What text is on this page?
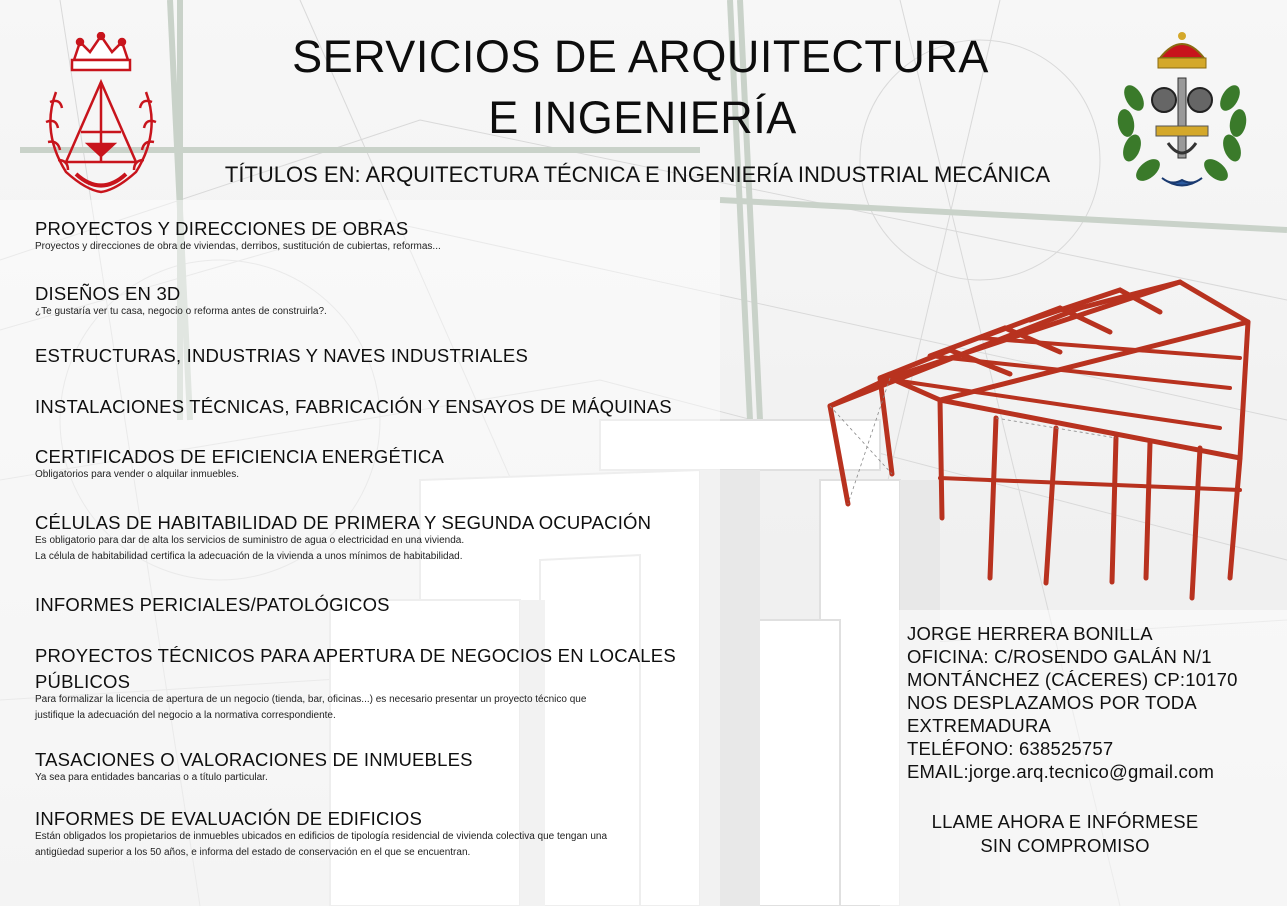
SERVICIOS DE ARQUITECTURA
E INGENIERÍA
TÍTULOS EN: ARQUITECTURA TÉCNICA E INGENIERÍA INDUSTRIAL MECÁNICA
PROYECTOS Y DIRECCIONES DE OBRAS

Proyectos y direcciones de obra de viviendas, derribos, sustitución de cubiertas, reformas...

DISEÑOS EN 3D

¿Te gustaría ver tu casa, negocio o reforma antes de construirla?.

ESTRUCTURAS, INDUSTRIAS Y NAVES INDUSTRIALES
INSTALACIONES TÉCNICAS, FABRICACIÓN Y ENSAYOS DE MÁQUINAS
CERTIFICADOS DE EFICIENCIA ENERGÉTICA

Obligatorios para vender o alquilar inmuebles.

CÉLULAS DE HABITABILIDAD DE PRIMERA Y SEGUNDA OCUPACIÓN

Es obligatorio para dar de alta los servicios de suministro de agua o electricidad en una vivienda.

La célula de habitabilidad certifica la adecuación de la vivienda a unos mínimos de habitabilidad.

INFORMES PERICIALES/PATOLÓGICOS
PROYECTOS TÉCNICOS PARA APERTURA DE NEGOCIOS EN LOCALES
PÚBLICOS

Para formalizar la licencia de apertura de un negocio (tienda, bar, oficinas...) es necesario presentar un proyecto técnico que

justifique la adecuación del negocio a la normativa correspondiente.

TASACIONES O VALORACIONES DE INMUEBLES

Ya sea para entidades bancarias o a título particular.

INFORMES DE EVALUACIÓN DE EDIFICIOS

Están obligados los propietarios de inmuebles ubicados en edificios de tipología residencial de vivienda colectiva que tengan una

antigüedad superior a los 50 años, e informa del estado de conservación en el que se encuentran.

JORGE HERRERA BONILLA
OFICINA: C/ROSENDO GALÁN N/1
MONTÁNCHEZ (CÁCERES) CP:10170
NOS DESPLAZAMOS POR TODA
EXTREMADURA
TELÉFONO: 638525757
EMAIL:jorge.arq.tecnico@gmail.com
LLAME AHORA E INFÓRMESE
SIN COMPROMISO
